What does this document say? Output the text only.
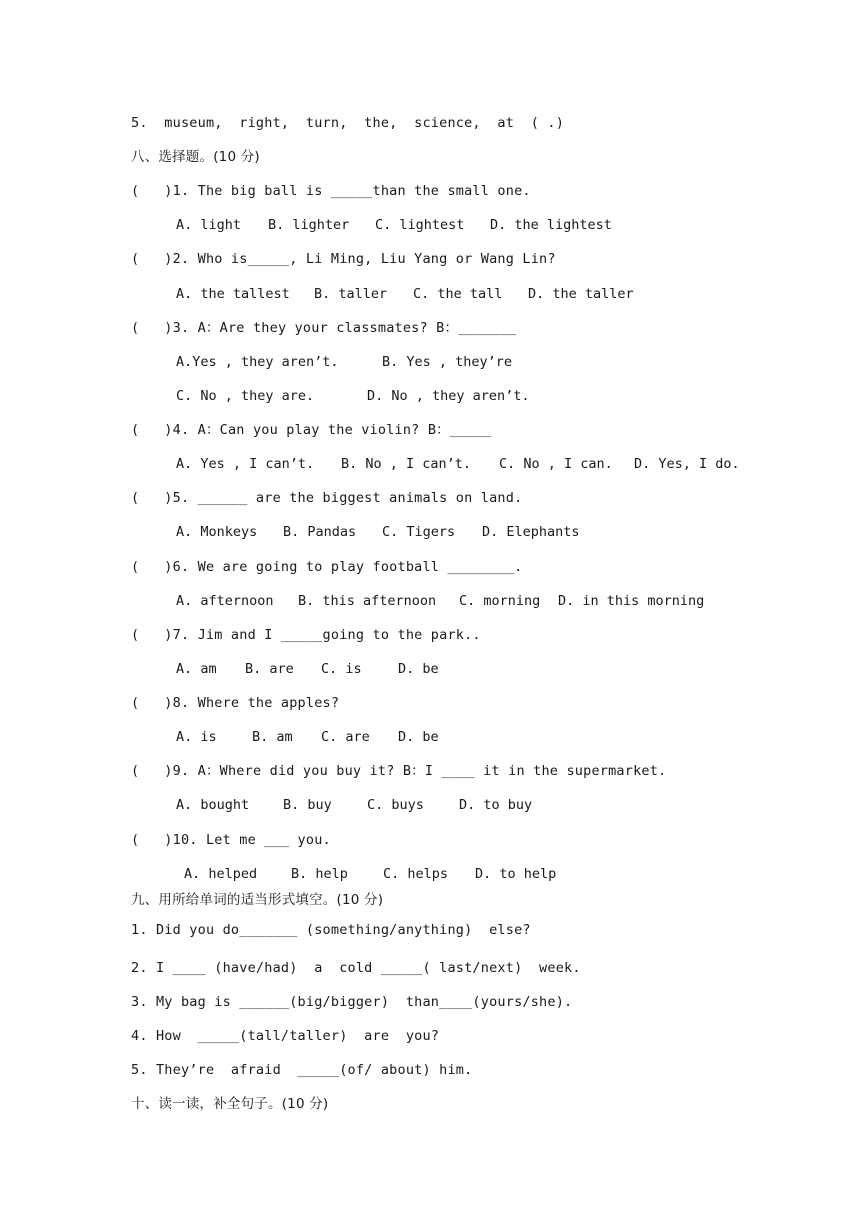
5.  museum,  right,  turn,  the,  science,  at  ( .)
八、选择题。(10 分)
(   )1. The big ball is _____than the small one.
A. light B. lighter C. lightest D. the lightest
(   )2. Who is_____, Li Ming, Liu Yang or Wang Lin?
A. the tallest B. taller C. the tall D. the taller
(   )3. A：Are they your classmates? B：_______
A.Yes , they aren’t.	B. Yes , they’re
C. No , they are.	D. No , they aren’t.
(   )4. A：Can you play the violin? B：_____
A. Yes , I can’t. B. No , I can’t. C. No , I can. D. Yes, I do.
(   )5. ______ are the biggest animals on land.
A. Monkeys B. Pandas C. Tigers D. Elephants
(   )6. We are going to play football ________.
A. afternoon B. this afternoon C. morning D. in this morning
(   )7. Jim and I _____going to the park..
A. am B. are C. is	D. be
(   )8. Where the apples?
A. is	B. am C. are D. be
(   )9. A：Where did you buy it? B：I ____ it in the supermarket.
A. bought	B. buy	C. buys	D. to buy
(   )10. Let me ___ you.
A. helped	B. help	C. helps D. to help
九、用所给单词的适当形式填空。(10 分)
1. Did you do_______ (something/anything)  else?
2. I ____ (have/had)  a  cold _____( last/next)  week.
3. My bag is ______(big/bigger)  than____(yours/she).
4. How  _____(tall/taller)  are  you?
5. They’re  afraid  _____(of/ about) him.
十、读一读，补全句子。(10 分)
